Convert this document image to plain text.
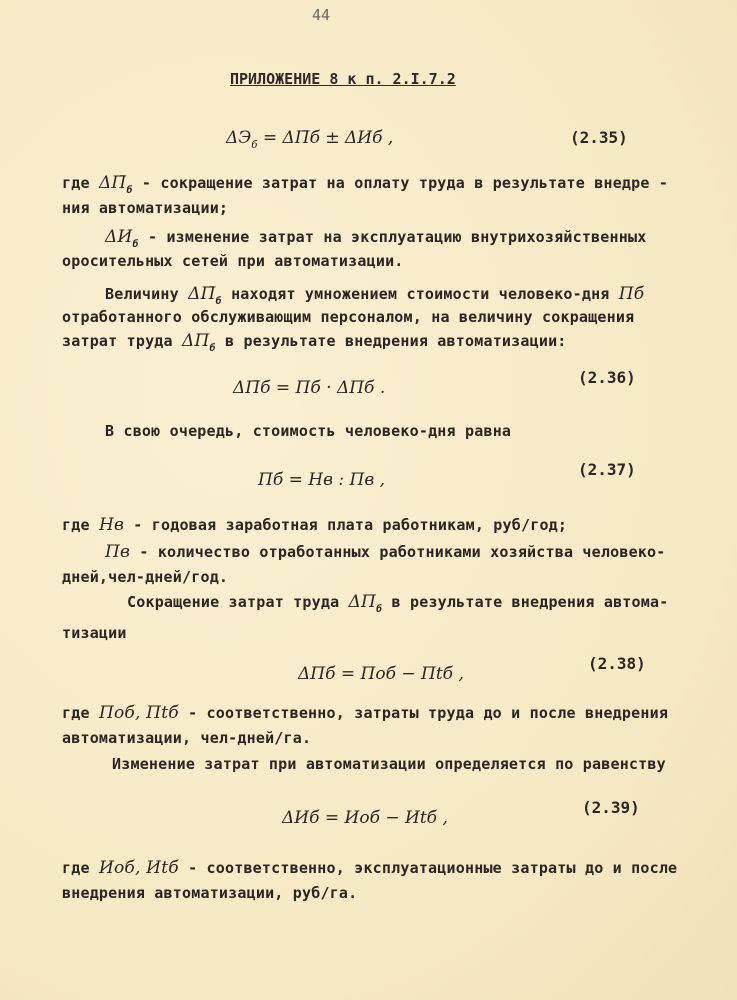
44
ПРИЛОЖЕНИЕ 8 к п. 2.I.7.2
$\Delta Э_б$ = ΔП̄б ± ΔИб ,	(2.35)
где $\Delta П̄_б$ - сокращение затрат на оплату труда в результате внедре -
ния автоматизации;
$\Delta И_б$ - изменение затрат на эксплуатацию внутрихозяйственных
оросительных сетей при автоматизации.
Величину $\Delta П̄_б$ находят умножением стоимости человеко-дня Пб
отработанного обслуживающим персоналом, на величину сокращения
затрат труда $\Delta П_б$ в результате внедрения автоматизации:
ΔП̄б = Пб · ΔПб .
(2.36)
В свою очередь, стоимость человеко-дня равна
Пб = Нв : Пв ,
(2.37)
где Нв - годовая заработная плата работникам, руб/год;
Пв - количество отработанных работниками хозяйства человеко-
дней,чел-дней/год.
Сокращение затрат труда $\Delta П_б$ в результате внедрения автома-
тизации
ΔПб = Поб − Пtб ,
(2.38)
где Поб, Пtб - соответственно, затраты труда до и после внедрения
автоматизации, чел-дней/га.
Изменение затрат при автоматизации определяется по равенству
ΔИб = Иоб − Иtб ,
(2.39)
где Иоб, Иtб - соответственно, эксплуатационные затраты до и после
внедрения автоматизации, руб/га.
